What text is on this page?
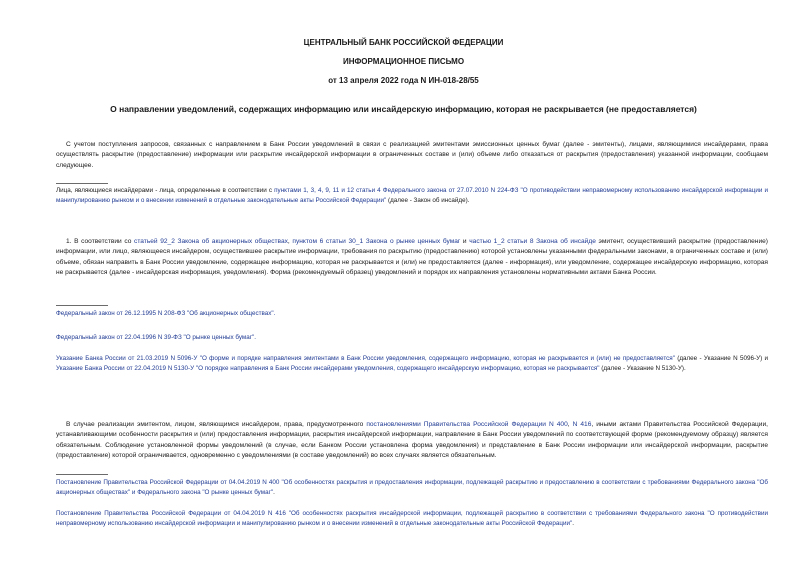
ЦЕНТРАЛЬНЫЙ БАНК РОССИЙСКОЙ ФЕДЕРАЦИИ
ИНФОРМАЦИОННОЕ ПИСЬМО
от 13 апреля 2022 года N ИН-018-28/55
О направлении уведомлений, содержащих информацию или инсайдерскую информацию, которая не раскрывается (не предоставляется)
С учетом поступления запросов, связанных с направлением в Банк России уведомлений в связи с реализацией эмитентами эмиссионных ценных бумаг (далее - эмитенты), лицами, являющимися инсайдерами, права осуществлять раскрытие (предоставление) информации или раскрытие инсайдерской информации в ограниченных составе и (или) объеме либо отказаться от раскрытия (предоставления) указанной информации, сообщаем следующее.
Лица, являющиеся инсайдерами - лица, определенные в соответствии с пунктами 1, 3, 4, 9, 11 и 12 статьи 4 Федерального закона от 27.07.2010 N 224-ФЗ "О противодействии неправомерному использованию инсайдерской информации и манипулированию рынком и о внесении изменений в отдельные законодательные акты Российской Федерации" (далее - Закон об инсайде).
1. В соответствии со статьей 92_2 Закона об акционерных обществах, пунктом 6 статьи 30_1 Закона о рынке ценных бумаг и частью 1_2 статьи 8 Закона об инсайде эмитент, осуществивший раскрытие (предоставление) информации, или лицо, являющееся инсайдером, осуществившее раскрытие информации, требования по раскрытию (предоставлению) которой установлены указанными федеральными законами, в ограниченных составе и (или) объеме, обязан направить в Банк России уведомление, содержащее информацию, которая не раскрывается и (или) не предоставляется (далее - информация), или уведомление, содержащее инсайдерскую информацию, которая не раскрывается (далее - инсайдерская информация, уведомления). Форма (рекомендуемый образец) уведомлений и порядок их направления установлены нормативными актами Банка России.
Федеральный закон от 26.12.1995 N 208-ФЗ "Об акционерных обществах".
Федеральный закон от 22.04.1996 N 39-ФЗ "О рынке ценных бумаг".
Указание Банка России от 21.03.2019 N 5096-У "О форме и порядке направления эмитентами в Банк России уведомления, содержащего информацию, которая не раскрывается и (или) не предоставляется" (далее - Указание N 5096-У) и Указание Банка России от 22.04.2019 N 5130-У "О порядке направления в Банк России инсайдерами уведомления, содержащего инсайдерскую информацию, которая не раскрывается" (далее - Указание N 5130-У).
В случае реализации эмитентом, лицом, являющимся инсайдером, права, предусмотренного постановлениями Правительства Российской Федерации N 400, N 416, иными актами Правительства Российской Федерации, устанавливающими особенности раскрытия и (или) предоставления информации, раскрытия инсайдерской информации, направление в Банк России уведомлений по соответствующей форме (рекомендуемому образцу) является обязательным. Соблюдение установленной формы уведомлений (в случае, если Банком России установлена форма уведомления) и представление в Банк России информации или инсайдерской информации, раскрытие (предоставление) которой ограничивается, одновременно с уведомлениями (в составе уведомлений) во всех случаях является обязательным.
Постановление Правительства Российской Федерации от 04.04.2019 N 400 "Об особенностях раскрытия и предоставления информации, подлежащей раскрытию и предоставлению в соответствии с требованиями Федерального закона "Об акционерных обществах" и Федерального закона "О рынке ценных бумаг".
Постановление Правительства Российской Федерации от 04.04.2019 N 416 "Об особенностях раскрытия инсайдерской информации, подлежащей раскрытию в соответствии с требованиями Федерального закона "О противодействии неправомерному использованию инсайдерской информации и манипулированию рынком и о внесении изменений в отдельные законодательные акты Российской Федерации".
